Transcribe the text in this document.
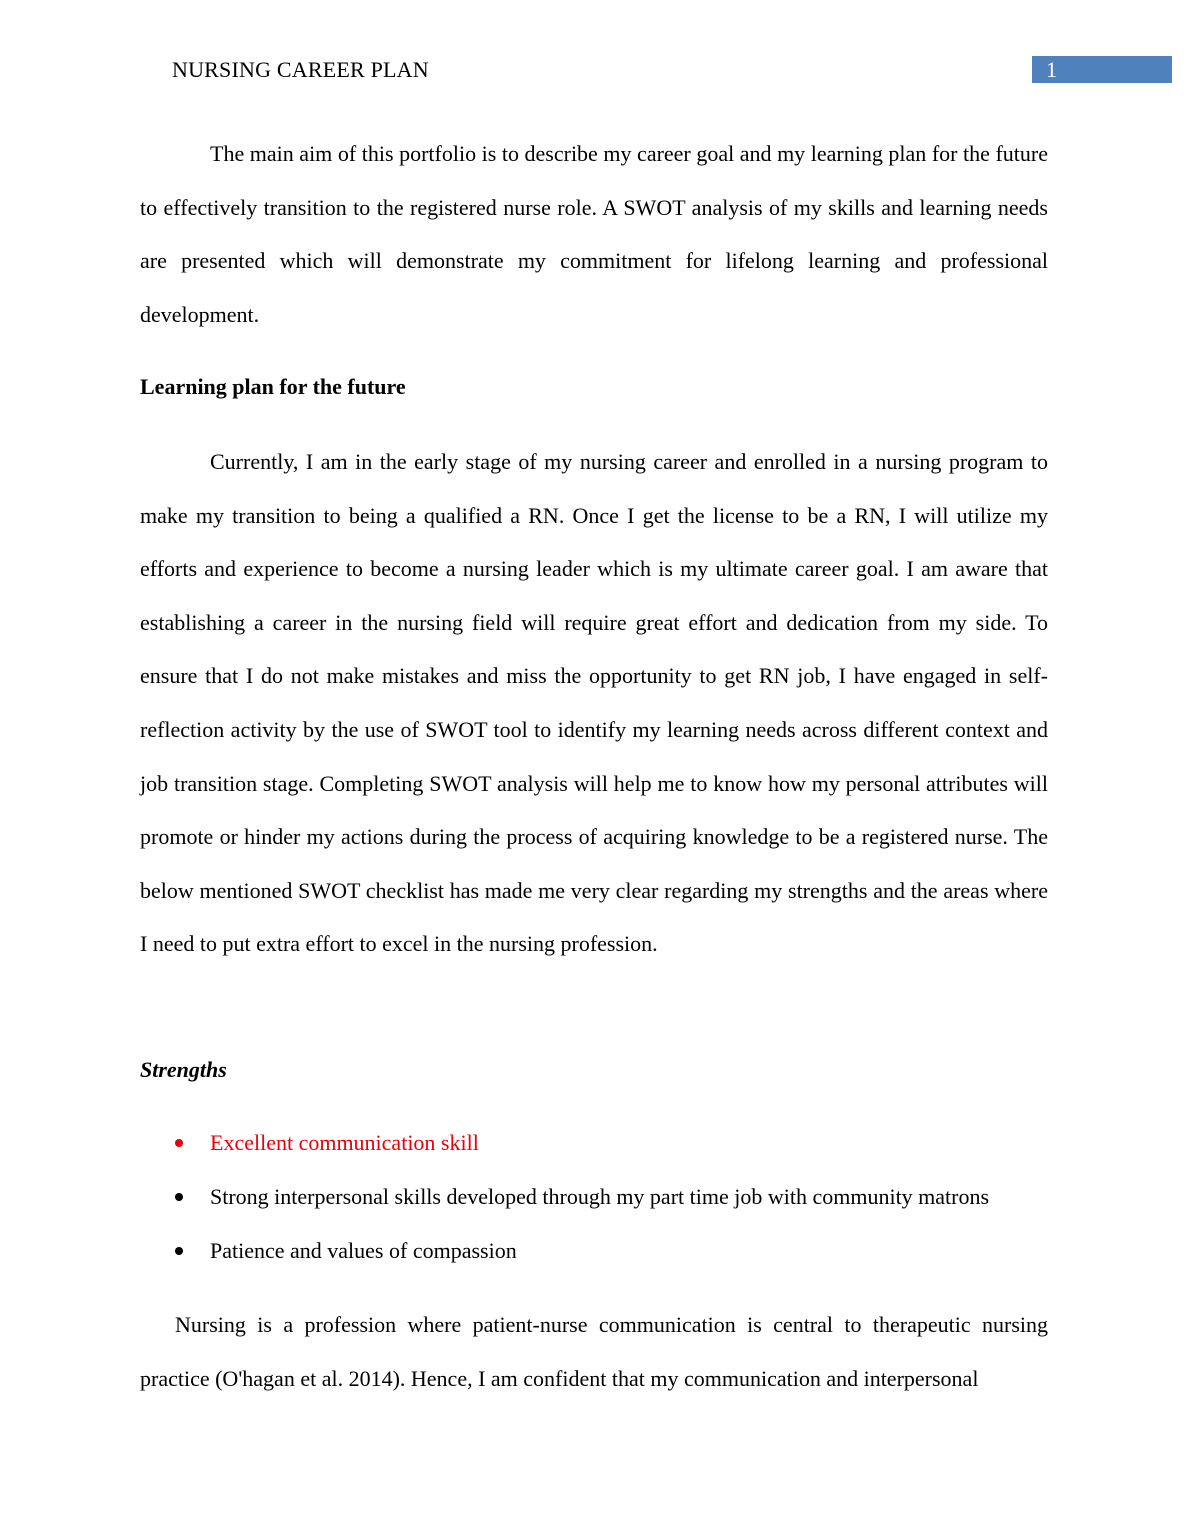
NURSING CAREER PLAN	1

The main aim of this portfolio is to describe my career goal and my learning plan for the future to effectively transition to the registered nurse role. A SWOT analysis of my skills and learning needs are presented which will demonstrate my commitment for lifelong learning and professional development.

Learning plan for the future

Currently, I am in the early stage of my nursing career and enrolled in a nursing program to make my transition to being a qualified a RN. Once I get the license to be a RN, I will utilize my efforts and experience to become a nursing leader which is my ultimate career goal. I am aware that establishing a career in the nursing field will require great effort and dedication from my side. To ensure that I do not make mistakes and miss the opportunity to get RN job, I have engaged in self-reflection activity by the use of SWOT tool to identify my learning needs across different context and job transition stage. Completing SWOT analysis will help me to know how my personal attributes will promote or hinder my actions during the process of acquiring knowledge to be a registered nurse. The below mentioned SWOT checklist has made me very clear regarding my strengths and the areas where I need to put extra effort to excel in the nursing profession.

Strengths
Excellent communication skill
Strong interpersonal skills developed through my part time job with community matrons
Patience and values of compassion

Nursing is a profession where patient-nurse communication is central to therapeutic nursing practice (O'hagan et al. 2014). Hence, I am confident that my communication and interpersonal
